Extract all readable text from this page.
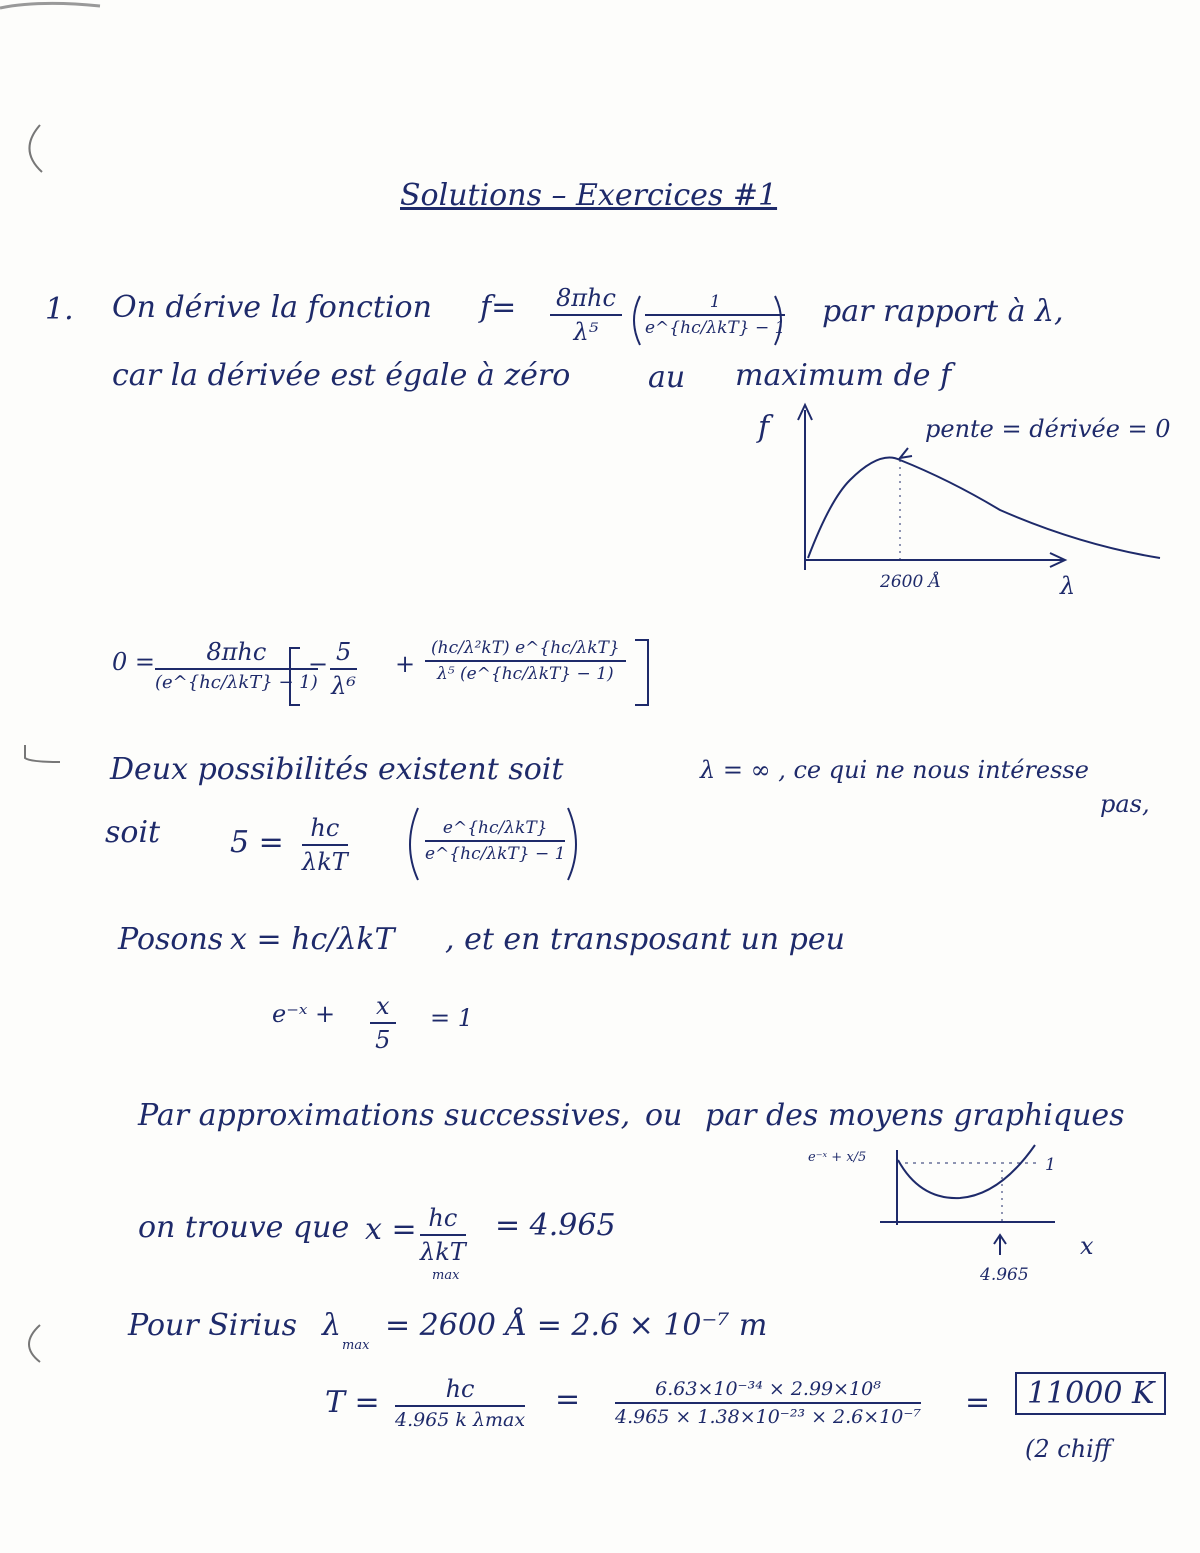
Solutions – Exercices #1
1. On dérive la fonction f= 8πhc
λ⁵
1
e^{hc/λkT} − 1 par rapport à λ,
car la dérivée est égale à zéro	au maximum de f
f	pente = dérivée = 0
2600 Å	λ
0 =	8πhc
(e^{hc/λkT} − 1)
− $\frac{5}{\text{λ⁶}}$ +
(hc/λ²kT) e^{hc/λkT}
λ⁵ (e^{hc/λkT} − 1)
Deux possibilités existent soit	λ = ∞ , ce qui ne nous intéresse
pas,
soit 5 =	hc
λkT
e^{hc/λkT}
e^{hc/λkT} − 1
Posons x = hc/λkT , et en transposant un peu
e⁻ˣ + $\frac{x}{5} = 1$
Par approximations successives, ou par des moyens graphiques
e⁻ˣ + x/5	1
x
4.965
on trouve que x = hc
λkT
max
= 4.965
Pour Sirius λ
max
= 2600 Å = 2.6 × 10⁻⁷ m
T =	hc
4.965 k λmax
= $\frac{\text{6.63×10⁻³⁴ × 2.99×10⁸}}{\text{4.965 × 1.38×10⁻²³ × 2.6×10⁻⁷}}$ =	11000 K
(2 chiff
